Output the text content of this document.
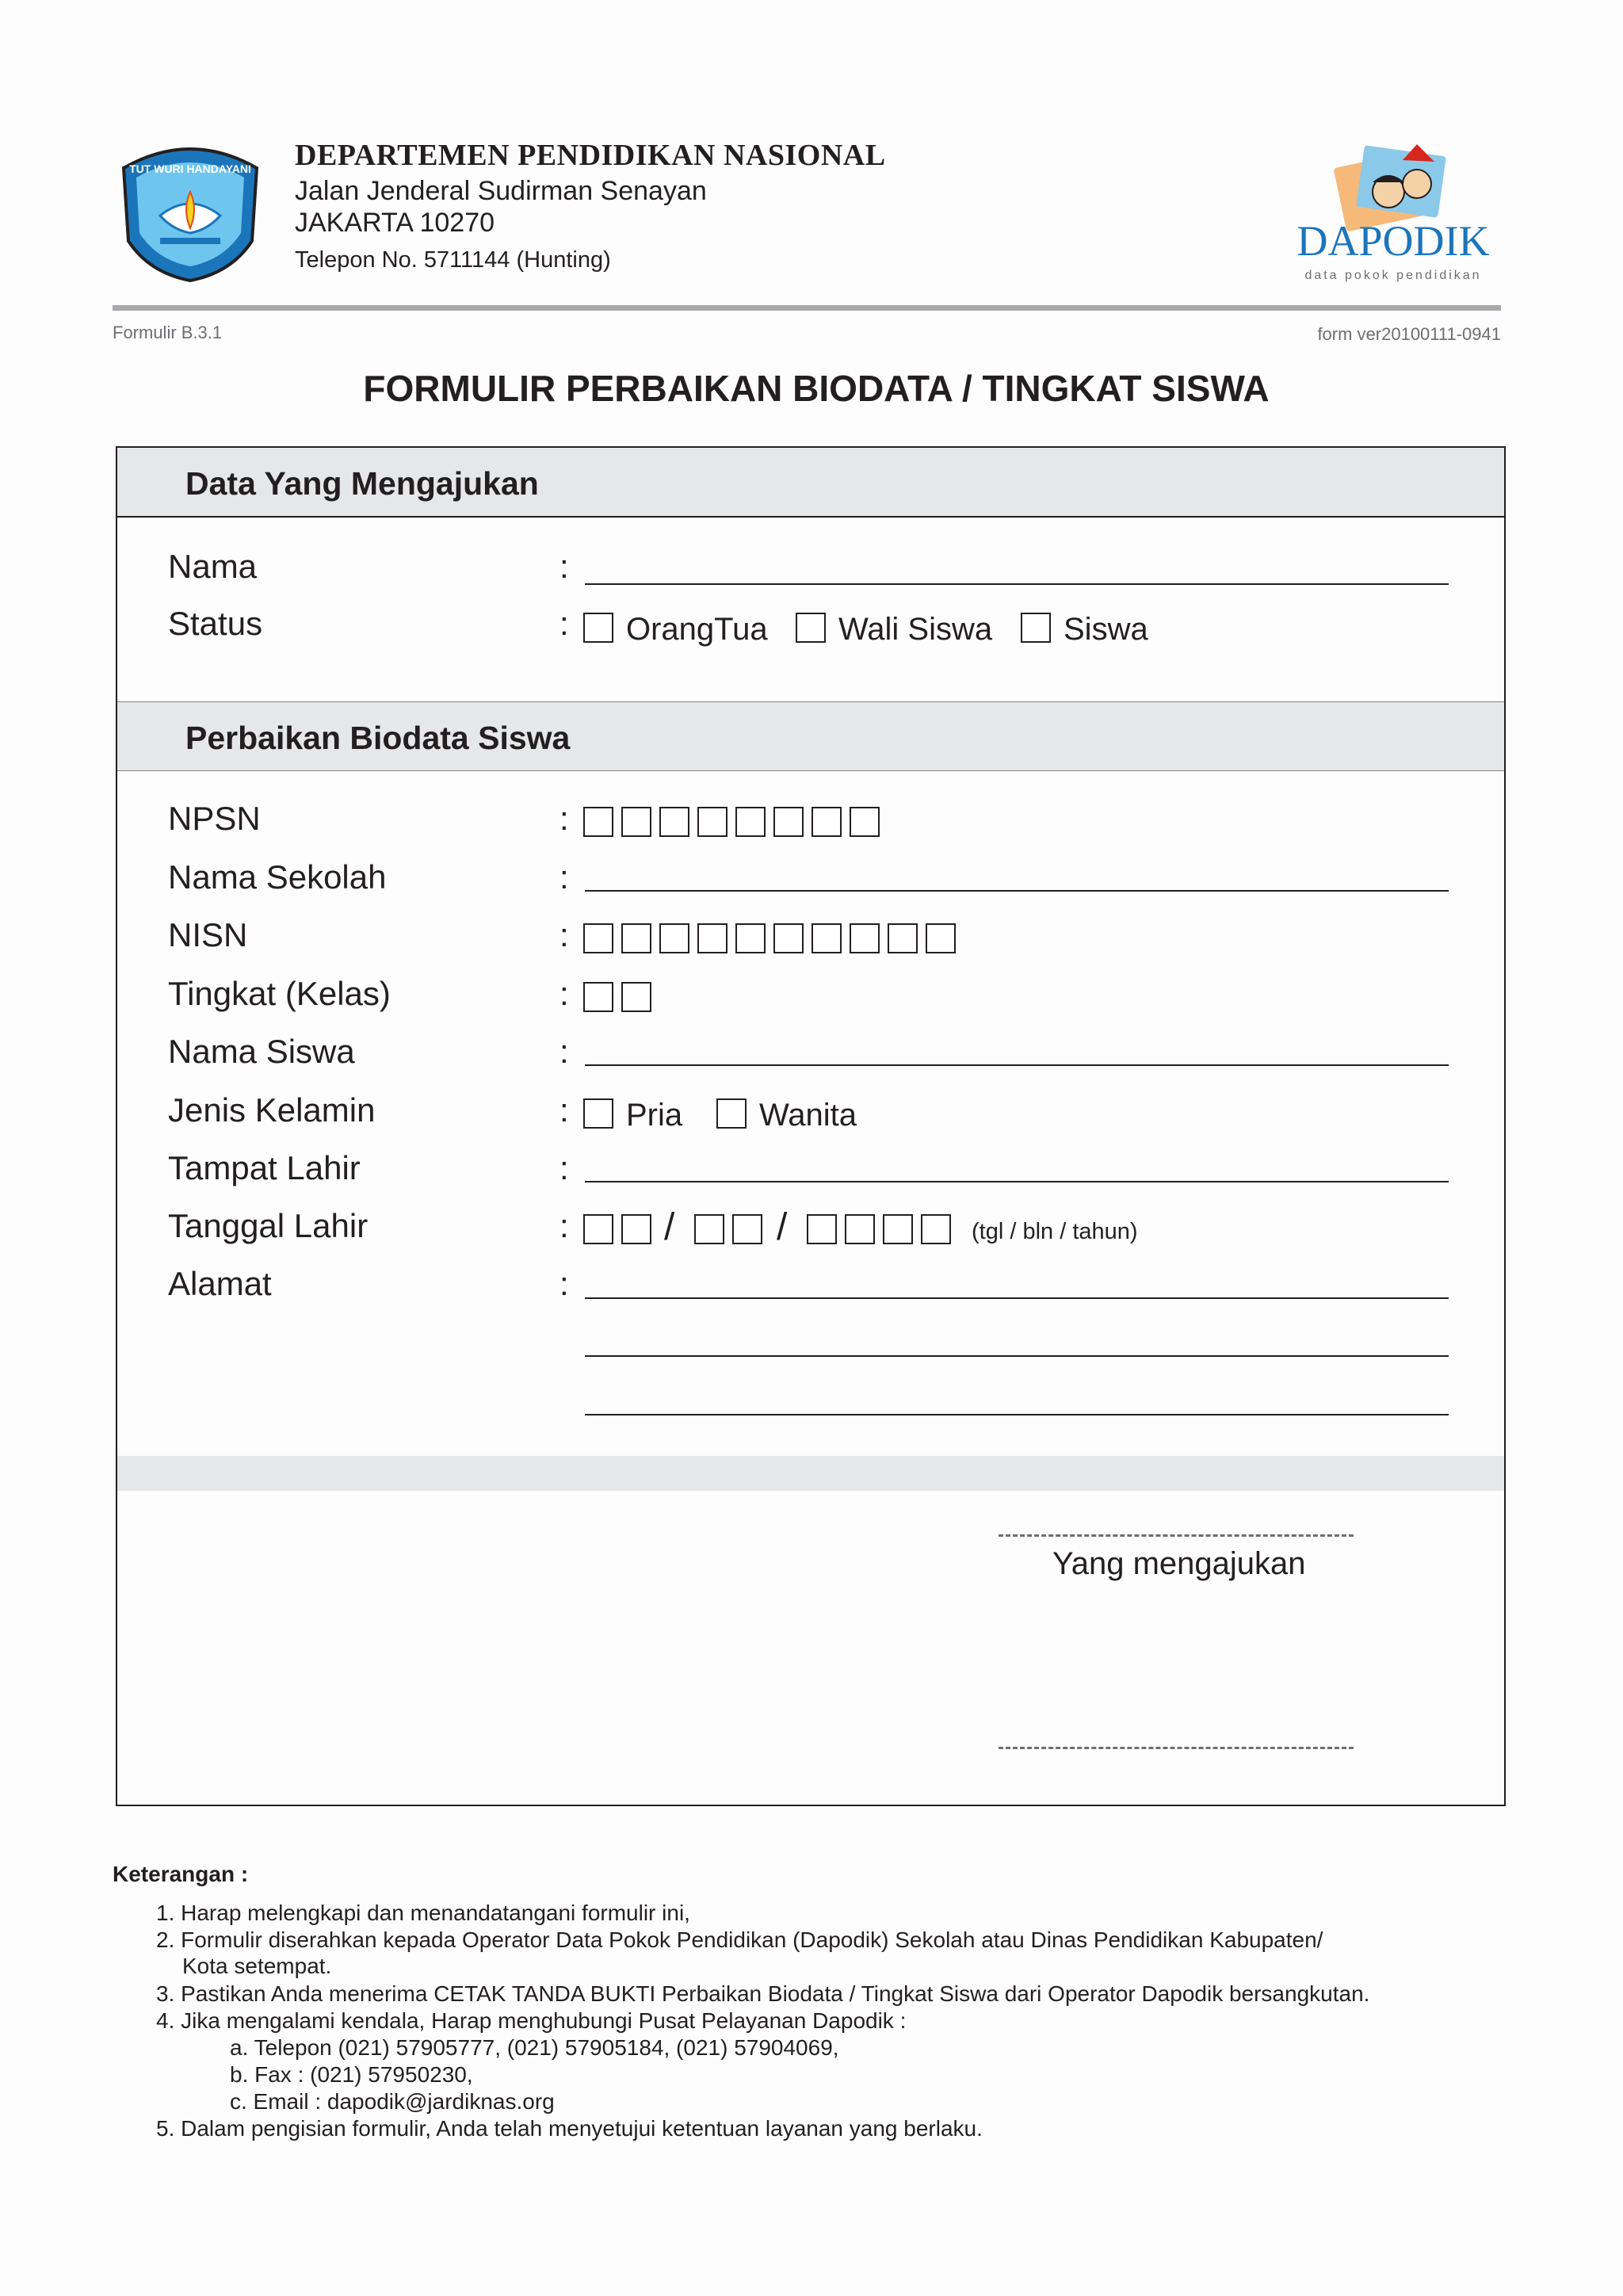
TUT WURI HANDAYANI DEPARTEMEN PENDIDIKAN NASIONAL
Jalan Jenderal Sudirman Senayan
JAKARTA 10270
Telepon No. 5711144 (Hunting)	DAPODIK
data pokok pendidikan
Formulir B.3.1	form ver20100111-0941
FORMULIR PERBAIKAN BIODATA / TINGKAT SISWA
Data Yang Mengajukan
Nama	:
Status	: OrangTua Wali Siswa Siswa
Perbaikan Biodata Siswa
NPSN	:
Nama Sekolah	:
NISN	:
Tingkat (Kelas)	:
Nama Siswa	:
Jenis Kelamin	: Pria Wanita
Tampat Lahir	:
Tanggal Lahir	:	/	/	(tgl / bln / tahun)
Alamat	:
Yang mengajukan
Keterangan :
1. Harap melengkapi dan menandatangani formulir ini,
2. Formulir diserahkan kepada Operator Data Pokok Pendidikan (Dapodik) Sekolah atau Dinas Pendidikan Kabupaten/
Kota setempat.
3. Pastikan Anda menerima CETAK TANDA BUKTI Perbaikan Biodata / Tingkat Siswa dari Operator Dapodik bersangkutan.
4. Jika mengalami kendala, Harap menghubungi Pusat Pelayanan Dapodik :
a. Telepon (021) 57905777, (021) 57905184, (021) 57904069,
b. Fax : (021) 57950230,
c. Email : dapodik@jardiknas.org
5. Dalam pengisian formulir, Anda telah menyetujui ketentuan layanan yang berlaku.
